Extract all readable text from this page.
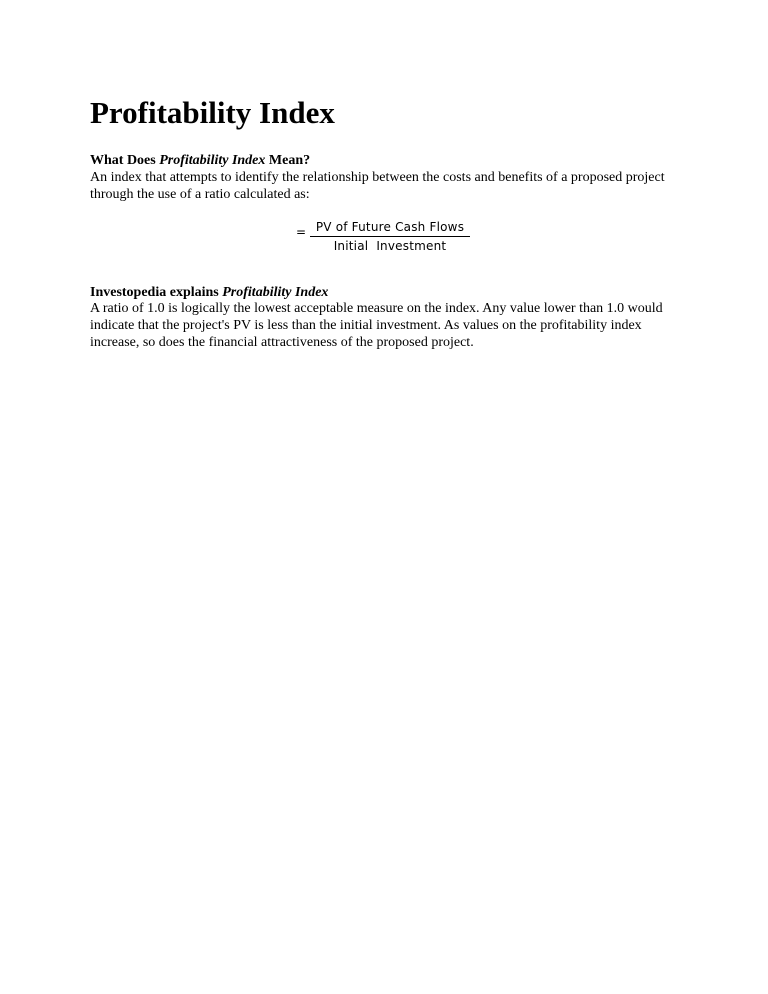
Profitability Index
What Does Profitability Index Mean?

An index that attempts to identify the relationship between the costs and benefits of a proposed project through the use of a ratio calculated as:

= PV of Future Cash Flows
Initial  Investment
Investopedia explains Profitability Index

A ratio of 1.0 is logically the lowest acceptable measure on the index. Any value lower than 1.0 would indicate that the project's PV is less than the initial investment. As values on the profitability index increase, so does the financial attractiveness of the proposed project.
